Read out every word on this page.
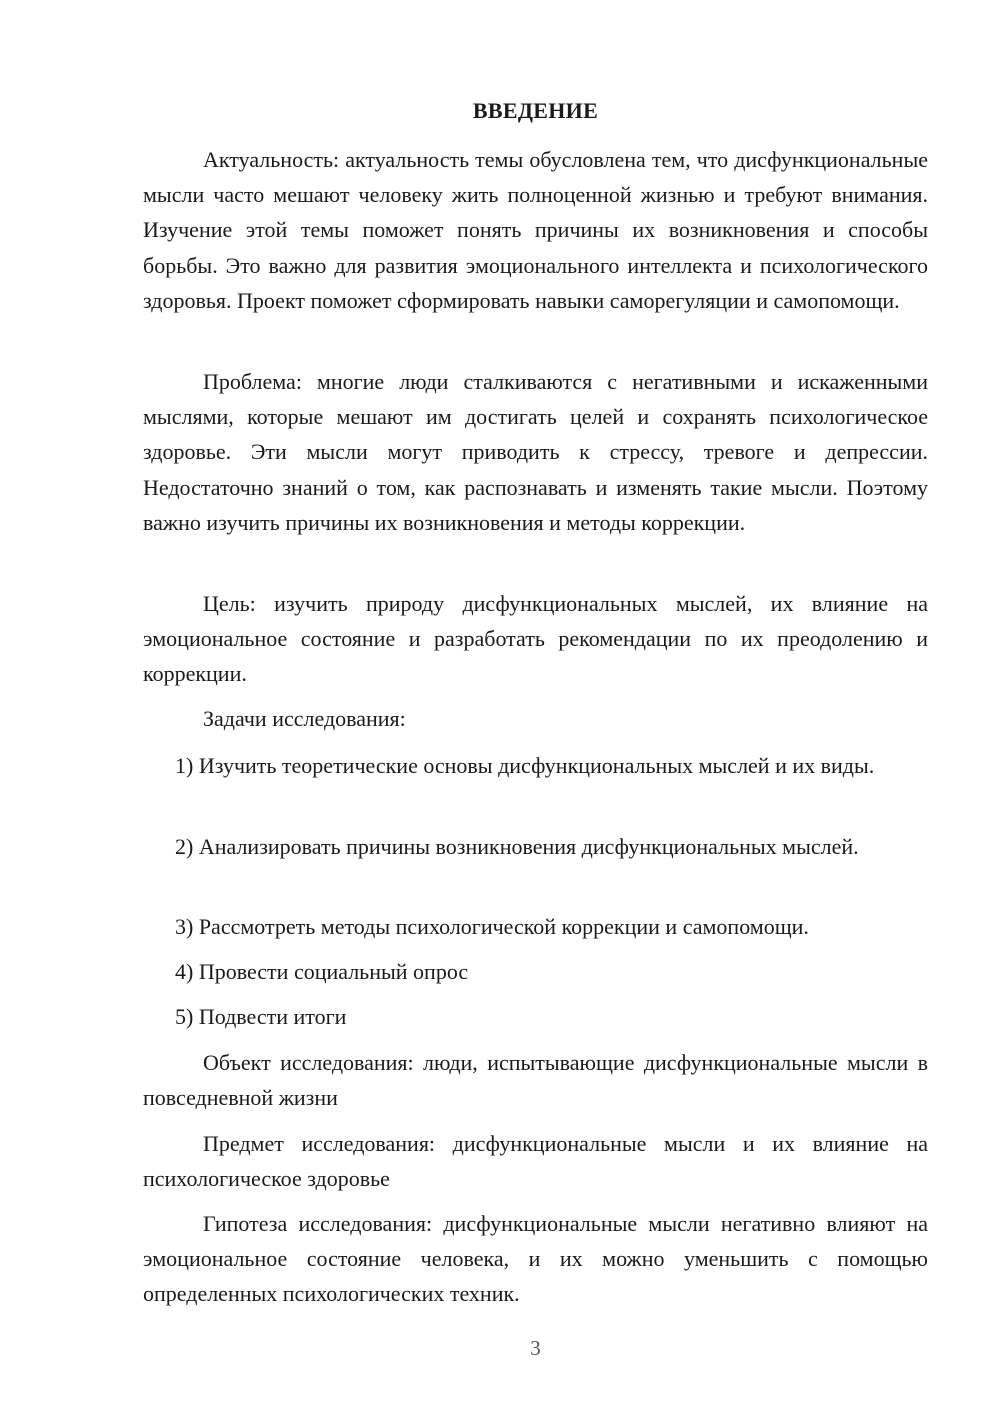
ВВЕДЕНИЕ

Актуальность: актуальность темы обусловлена тем, что дисфункциональные мысли часто мешают человеку жить полноценной жизнью и требуют внимания. Изучение этой темы поможет понять причины их возникновения и способы борьбы. Это важно для развития эмоционального интеллекта и психологического здоровья. Проект поможет сформировать навыки саморегуляции и самопомощи.

Проблема: многие люди сталкиваются с негативными и искаженными мыслями, которые мешают им достигать целей и сохранять психологическое здоровье. Эти мысли могут приводить к стрессу, тревоге и депрессии. Недостаточно знаний о том, как распознавать и изменять такие мысли. Поэтому важно изучить причины их возникновения и методы коррекции.

Цель: изучить природу дисфункциональных мыслей, их влияние на эмоциональное состояние и разработать рекомендации по их преодолению и коррекции.

Задачи исследования:

1) Изучить теоретические основы дисфункциональных мыслей и их виды.

2) Анализировать причины возникновения дисфункциональных мыслей.

3) Рассмотреть методы психологической коррекции и самопомощи.

4) Провести социальный опрос

5) Подвести итоги

Объект исследования: люди, испытывающие дисфункциональные мысли в повседневной жизни

Предмет исследования: дисфункциональные мысли и их влияние на психологическое здоровье

Гипотеза исследования: дисфункциональные мысли негативно влияют на эмоциональное состояние человека, и их можно уменьшить с помощью определенных психологических техник.

3
